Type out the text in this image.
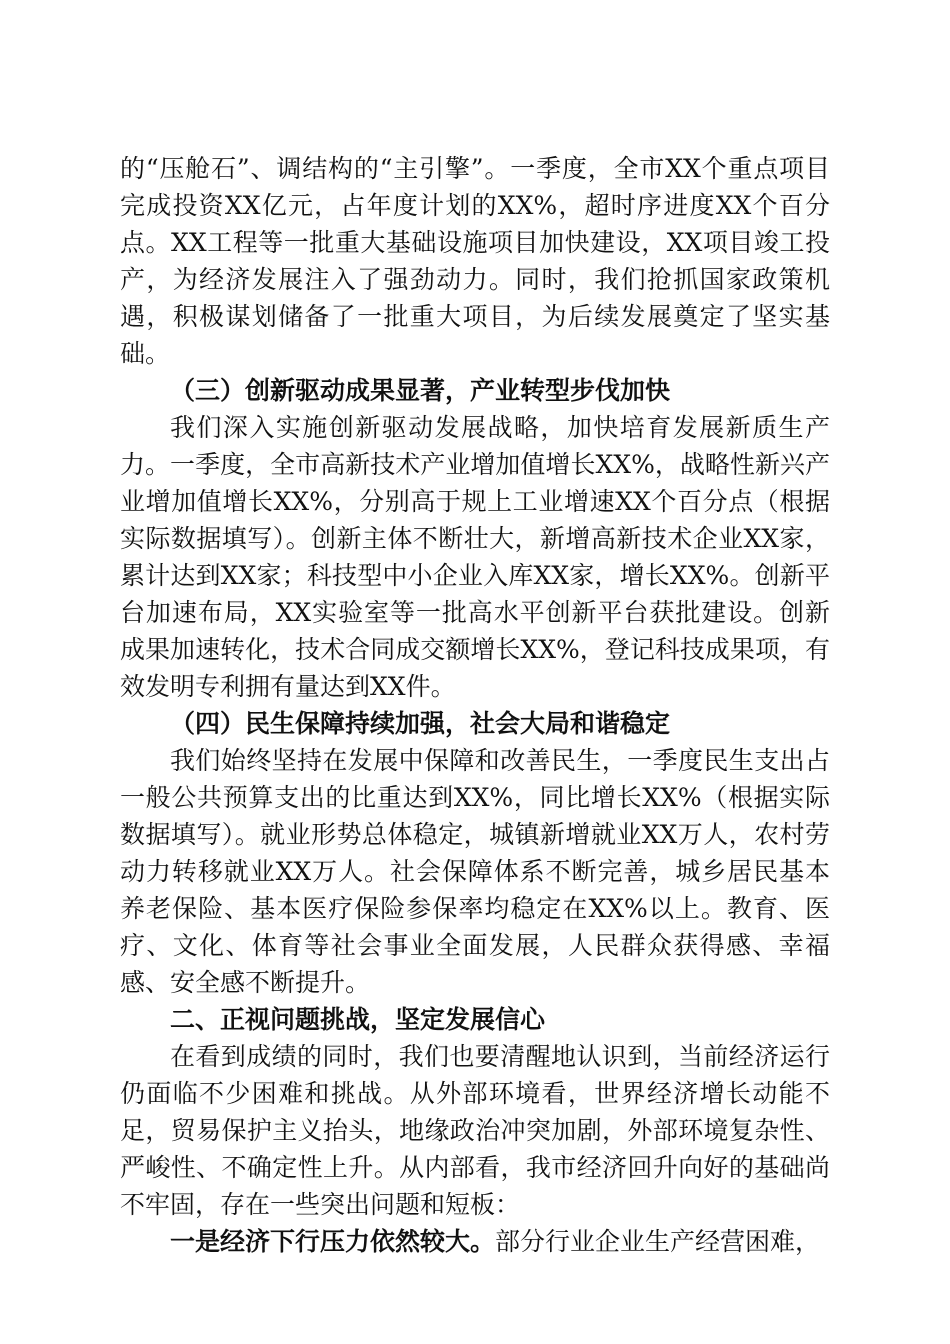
的“压舱石”、调结构的“主引擎”。一季度，全市XX个重点项目完成投资XX亿元，占年度计划的XX%，超时序进度XX个百分点。XX工程等一批重大基础设施项目加快建设，XX项目竣工投产，为经济发展注入了强劲动力。同时，我们抢抓国家政策机遇，积极谋划储备了一批重大项目，为后续发展奠定了坚实基础。

（三）创新驱动成果显著，产业转型步伐加快

我们深入实施创新驱动发展战略，加快培育发展新质生产力。一季度，全市高新技术产业增加值增长XX%，战略性新兴产业增加值增长XX%，分别高于规上工业增速XX个百分点（根据实际数据填写）。创新主体不断壮大，新增高新技术企业XX家，累计达到XX家；科技型中小企业入库XX家，增长XX%。创新平台加速布局，XX实验室等一批高水平创新平台获批建设。创新成果加速转化，技术合同成交额增长XX%，登记科技成果项，有效发明专利拥有量达到XX件。

（四）民生保障持续加强，社会大局和谐稳定

我们始终坚持在发展中保障和改善民生，一季度民生支出占一般公共预算支出的比重达到XX%，同比增长XX%（根据实际数据填写）。就业形势总体稳定，城镇新增就业XX万人，农村劳动力转移就业XX万人。社会保障体系不断完善，城乡居民基本养老保险、基本医疗保险参保率均稳定在XX%以上。教育、医疗、文化、体育等社会事业全面发展，人民群众获得感、幸福感、安全感不断提升。

二、正视问题挑战，坚定发展信心

在看到成绩的同时，我们也要清醒地认识到，当前经济运行仍面临不少困难和挑战。从外部环境看，世界经济增长动能不足，贸易保护主义抬头，地缘政治冲突加剧，外部环境复杂性、严峻性、不确定性上升。从内部看，我市经济回升向好的基础尚不牢固，存在一些突出问题和短板：

一是经济下行压力依然较大。部分行业企业生产经营困难，
